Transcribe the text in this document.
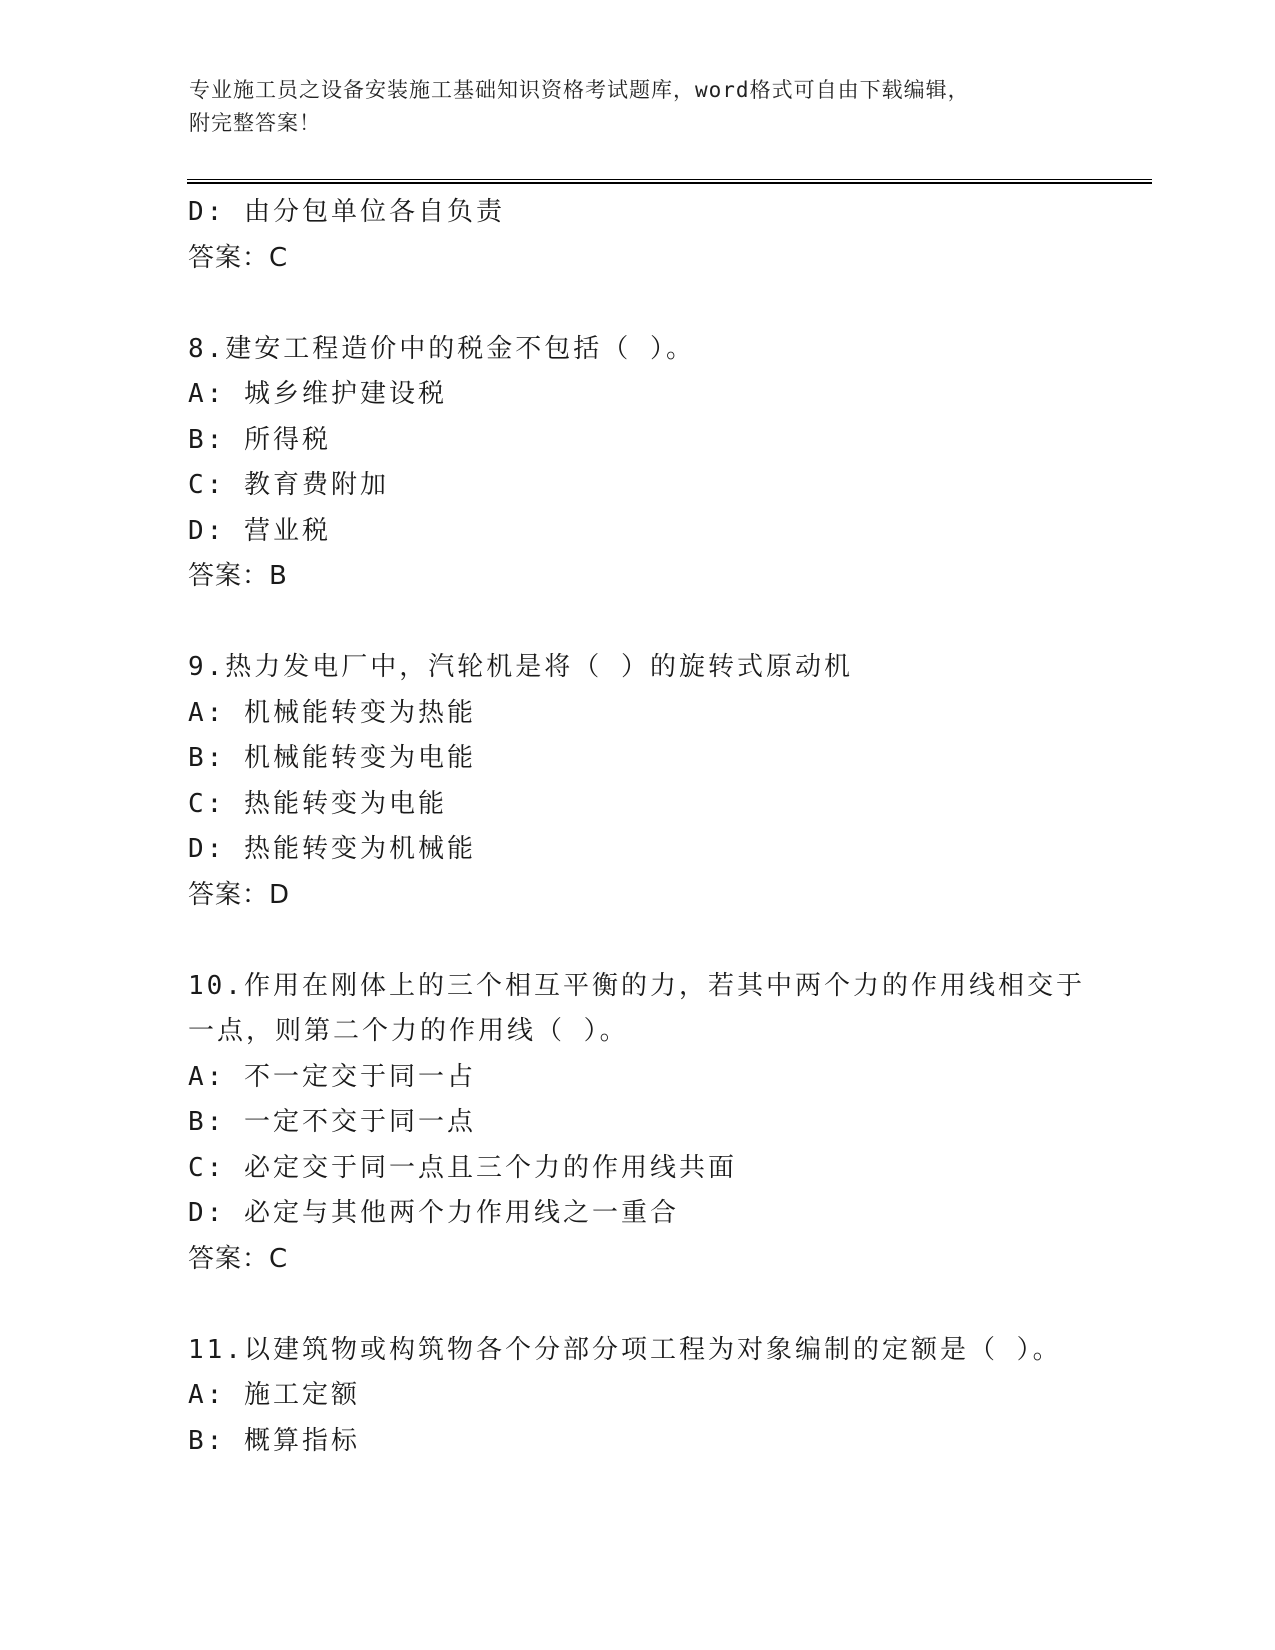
专业施工员之设备安装施工基础知识资格考试题库，word格式可自由下载编辑，
附完整答案！
D: 由分包单位各自负责
答案：C
8.建安工程造价中的税金不包括（ ）。
A: 城乡维护建设税
B: 所得税
C: 教育费附加
D: 营业税
答案：B
9.热力发电厂中，汽轮机是将（ ）的旋转式原动机
A: 机械能转变为热能
B: 机械能转变为电能
C: 热能转变为电能
D: 热能转变为机械能
答案：D
10.作用在刚体上的三个相互平衡的力，若其中两个力的作用线相交于
一点，则第二个力的作用线（ ）。
A: 不一定交于同一占
B: 一定不交于同一点
C: 必定交于同一点且三个力的作用线共面
D: 必定与其他两个力作用线之一重合
答案：C
11.以建筑物或构筑物各个分部分项工程为对象编制的定额是（ ）。
A: 施工定额
B: 概算指标
